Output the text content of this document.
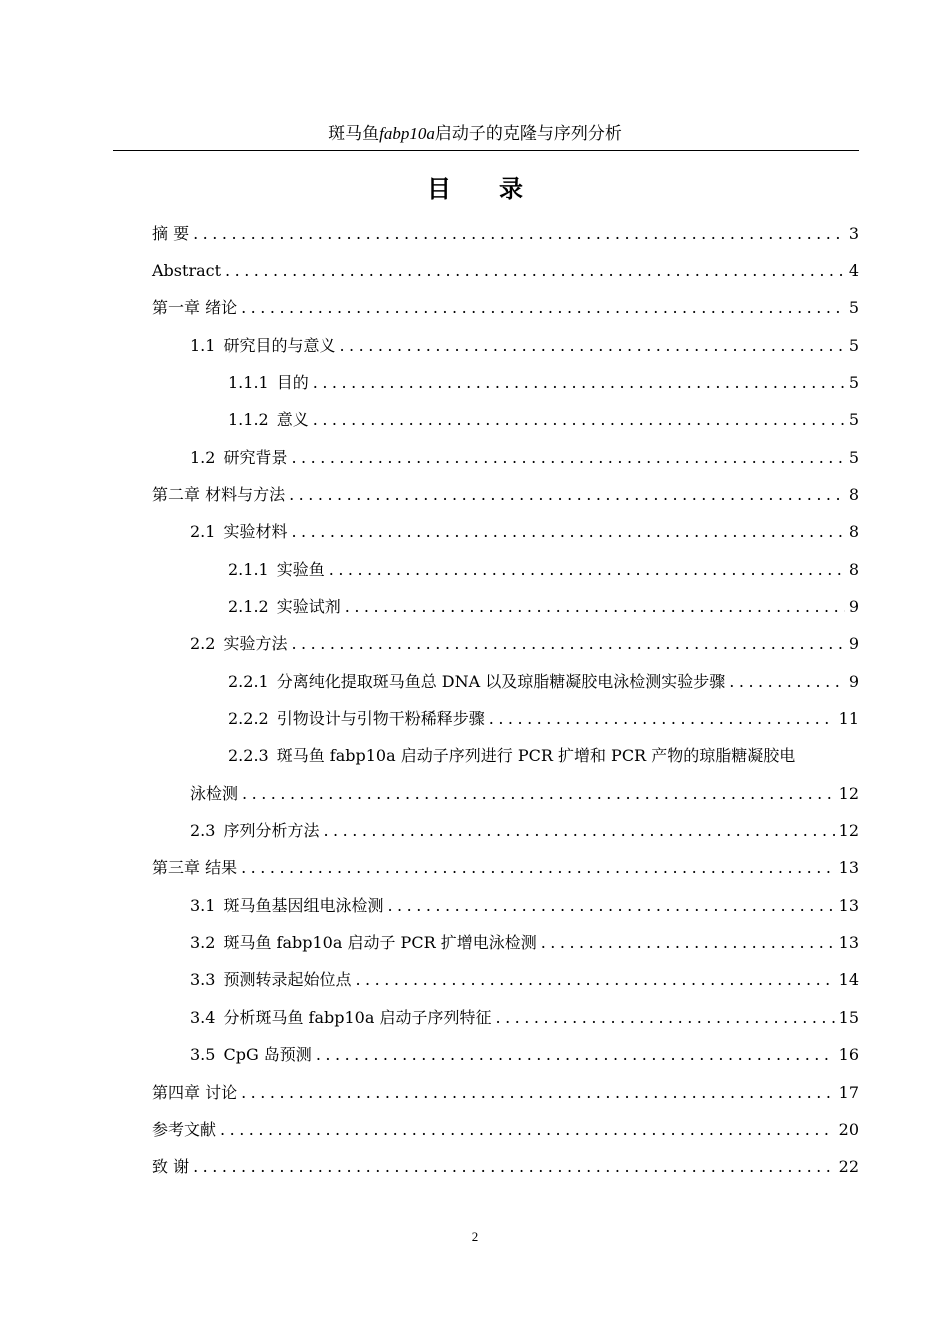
斑马鱼fabp10a启动子的克隆与序列分析
目录
摘 要 .....	3
Abstract .....	4
第一章 绪论 .....	5
1.1 研究目的与意义 .....	5
1.1.1 目的 .....	5
1.1.2 意义 .....	5
1.2 研究背景 .....	5
第二章 材料与方法 .....	8
2.1 实验材料 .....	8
2.1.1 实验鱼 .....	8
2.1.2 实验试剂 .....	9
2.2 实验方法 .....	9
2.2.1 分离纯化提取斑马鱼总 DNA 以及琼脂糖凝胶电泳检测实验步骤 .....	9
2.2.2 引物设计与引物干粉稀释步骤 .....	11
2.2.3 斑马鱼 fabp10a 启动子序列进行 PCR 扩增和 PCR 产物的琼脂糖凝胶电
泳检测 .....	12
2.3 序列分析方法 .....	12
第三章 结果 .....	13
3.1 斑马鱼基因组电泳检测 .....	13
3.2 斑马鱼 fabp10a 启动子 PCR 扩增电泳检测 .....	13
3.3 预测转录起始位点 .....	14
3.4 分析斑马鱼 fabp10a 启动子序列特征 .....	15
3.5 CpG 岛预测 .....	16
第四章 讨论 .....	17
参考文献 .....	20
致 谢 .....	22
2
